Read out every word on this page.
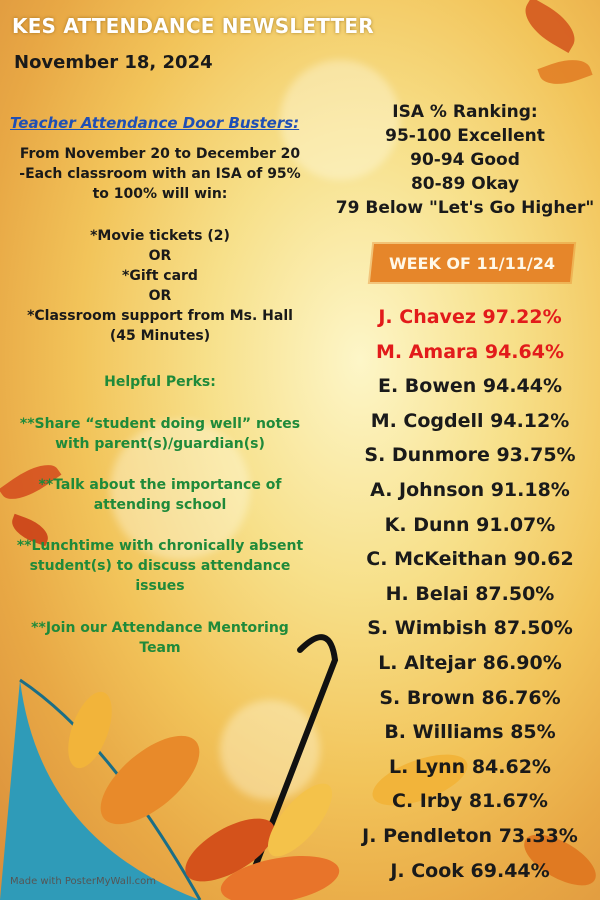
KES ATTENDANCE NEWSLETTER
November 18, 2024
Teacher Attendance Door Busters:
From November 20 to December 20
-Each classroom with an ISA of 95%
to 100% will win:
*Movie tickets (2)
OR
*Gift card
OR
*Classroom support from Ms. Hall
(45 Minutes)
Helpful Perks:
**Share “student doing well” notes
with parent(s)/guardian(s)
**Talk about the importance of
attending school
**Lunchtime with chronically absent
student(s) to discuss attendance
issues
**Join our Attendance Mentoring
Team
ISA % Ranking:
95-100 Excellent
90-94 Good
80-89 Okay
79 Below "Let's Go Higher"
WEEK OF 11/11/24
J. Chavez 97.22%
M. Amara 94.64%
E. Bowen 94.44%
M. Cogdell 94.12%
S. Dunmore 93.75%
A. Johnson 91.18%
K. Dunn 91.07%
C. McKeithan 90.62
H. Belai 87.50%
S. Wimbish 87.50%
L. Altejar 86.90%
S. Brown 86.76%
B. Williams 85%
L. Lynn 84.62%
C. Irby 81.67%
J. Pendleton 73.33%
J. Cook 69.44%
Made with PosterMyWall.com
